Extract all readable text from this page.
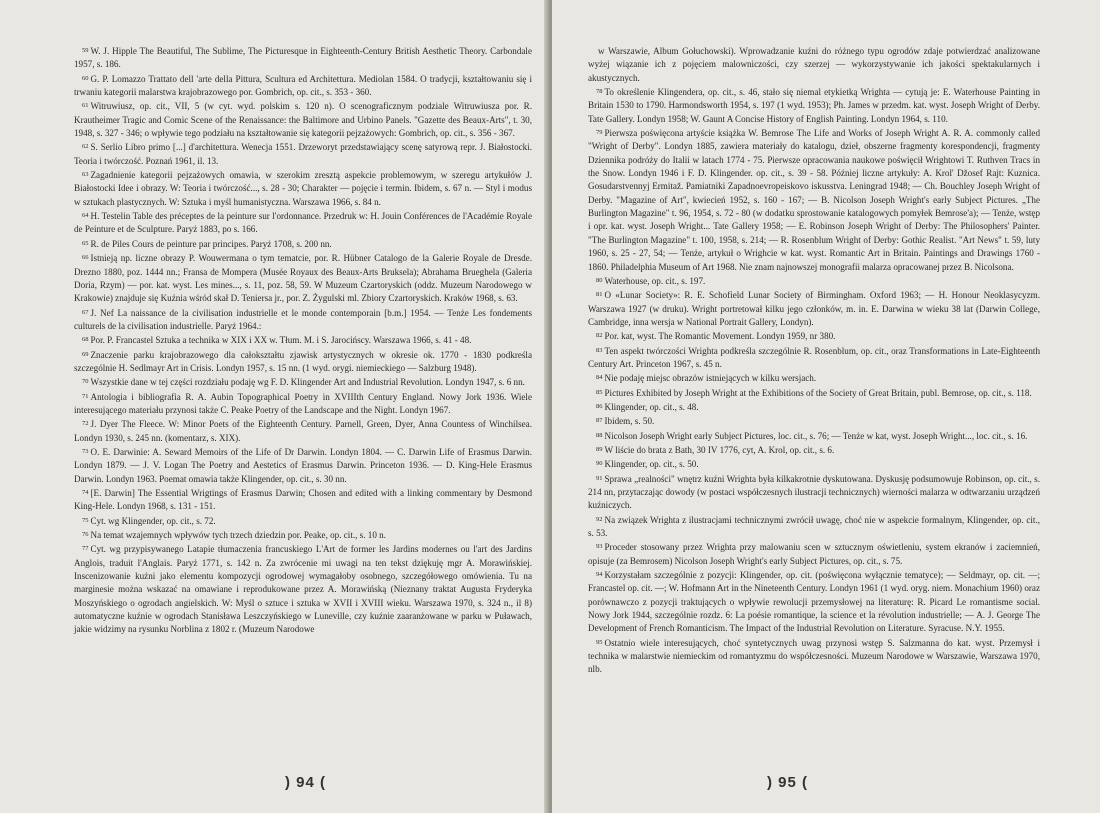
$^{59}$ W. J. Hipple The Beautiful, The Sublime, The Picturesque in Eighteenth-Century British Aesthetic Theory. Carbondale 1957, s. 186.

$^{60}$ G. P. Lomazzo Trattato dell 'arte della Pittura, Scultura ed Architettura. Mediolan 1584. O tradycji, kształtowaniu się i trwaniu kategorii malarstwa krajobrazowego por. Gombrich, op. cit., s. 353 - 360.

$^{61}$ Witruwiusz, op. cit., VII, 5 (w cyt. wyd. polskim s. 120 n). O scenograficznym podziale Witruwiusza por. R. Krautheimer Tragic and Comic Scene of the Renaissance: the Baltimore and Urbino Panels. "Gazette des Beaux-Arts", t. 30, 1948, s. 327 - 346; o wpływie tego podziału na kształtowanie się kategorii pejzażowych: Gombrich, op. cit., s. 356 - 367.

$^{62}$ S. Serlio Libro primo [...] d'architettura. Wenecja 1551. Drzeworyt przedstawiający scenę satyrową repr. J. Białostocki. Teoria i twórczość. Poznań 1961, il. 13.

$^{63}$ Zagadnienie kategorii pejzażowych omawia, w szerokim zresztą aspekcie problemowym, w szeregu artykułów J. Białostocki Idee i obrazy. W: Teoria i twórczość..., s. 28 - 30; Charakter — pojęcie i termin. Ibidem, s. 67 n. — Styl i modus w sztukach plastycznych. W: Sztuka i myśl humanistyczna. Warszawa 1966, s. 84 n.

$^{64}$ H. Testelin Table des préceptes de la peinture sur l'ordonnance. Przedruk w: H. Jouin Conférences de l'Académie Royale de Peinture et de Sculpture. Paryż 1883, po s. 166.

$^{65}$ R. de Piles Cours de peinture par principes. Paryż 1708, s. 200 nn.

$^{66}$ Istnieją np. liczne obrazy P. Wouwermana o tym tematcie, por. R. Hübner Catalogo de la Galerie Royale de Dresde. Drezno 1880, poz. 1444 nn.; Fransa de Mompera (Musée Royaux des Beaux-Arts Bruksela); Abrahama Brueghela (Galeria Doria, Rzym) — por. kat. wyst. Les mines..., s. 11, poz. 58, 59. W Muzeum Czartoryskich (oddz. Muzeum Narodowego w Krakowie) znajduje się Kuźnia wśród skał D. Teniersa jr., por. Z. Żygulski ml. Zbiory Czartoryskich. Kraków 1968, s. 63.

$^{67}$ J. Nef La naissance de la civilisation industrielle et le monde contemporain [b.m.] 1954. — Tenże Les fondements culturels de la civilisation industrielle. Paryż 1964.:

$^{68}$ Por. P. Francastel Sztuka a technika w XIX i XX w. Tłum. M. i S. Jarocińscy. Warszawa 1966, s. 41 - 48.

$^{69}$ Znaczenie parku krajobrazowego dla całokształtu zjawisk artystycznych w okresie ok. 1770 - 1830 podkreśla szczególnie H. Sedlmayr Art in Crisis. Londyn 1957, s. 15 nn. (1 wyd. orygi. niemieckiego — Salzburg 1948).

$^{70}$ Wszystkie dane w tej części rozdziału podaję wg F. D. Klingender Art and Industrial Revolution. Londyn 1947, s. 6 nn.

$^{71}$ Antologia i bibliografia R. A. Aubin Topographical Poetry in XVIIIth Century England. Nowy Jork 1936. Wiele interesującego materiału przynosi także C. Peake Poetry of the Landscape and the Night. Londyn 1967.

$^{72}$ J. Dyer The Fleece. W: Minor Poets of the Eighteenth Century. Parnell, Green, Dyer, Anna Countess of Winchilsea. Londyn 1930, s. 245 nn. (komentarz, s. XIX).

$^{73}$ O. E. Darwinie: A. Seward Memoirs of the Life of Dr Darwin. Londyn 1804. — C. Darwin Life of Erasmus Darwin. Londyn 1879. — J. V. Logan The Poetry and Aestetics of Erasmus Darwin. Princeton 1936. — D. King-Hele Erasmus Darwin. Londyn 1963. Poemat omawia także Klingender, op. cit., s. 30 nn.

$^{74}$ [E. Darwin] The Essential Wrigtings of Erasmus Darwin; Chosen and edited with a linking commentary by Desmond King-Hele. Londyn 1968, s. 131 - 151.

$^{75}$ Cyt. wg Klingender, op. cit., s. 72.

$^{76}$ Na temat wzajemnych wpływów tych trzech dziedzin por. Peake, op. cit., s. 10 n.

$^{77}$ Cyt. wg przypisywanego Latapie tłumaczenia francuskiego L'Art de former les Jardins modernes ou l'art des Jardins Anglois, traduit l'Anglais. Paryż 1771, s. 142 n. Za zwrócenie mi uwagi na ten tekst dziękuję mgr A. Morawińskiej. Inscenizowanie kuźni jako elementu kompozycji ogrodowej wymagałoby osobnego, szczegółowego omówienia. Tu na marginesie można wskazać na omawiane i reprodukowane przez A. Morawińską (Nieznany traktat Augusta Fryderyka Moszyńskiego o ogrodach angielskich. W: Myśl o sztuce i sztuka w XVII i XVIII wieku. Warszawa 1970, s. 324 n., il 8) automatyczne kuźnie w ogrodach Stanisława Leszczyńskiego w Luneville, czy kuźnie zaaranżowane w parku w Puławach, jakie widzimy na rysunku Norblina z 1802 r. (Muzeum Narodowe

) 94 (

w Warszawie, Album Gołuchowski). Wprowadzanie kuźni do różnego typu ogrodów zdaje potwierdzać analizowane wyżej wiązanie ich z pojęciem malowniczości, czy szerzej — wykorzystywanie ich jakości spektakularnych i akustycznych.

$^{78}$ To określenie Klingendera, op. cit., s. 46, stało się niemal etykietką Wrighta — cytują je: E. Waterhouse Painting in Britain 1530 to 1790. Harmondsworth 1954, s. 197 (1 wyd. 1953); Ph. James w przedm. kat. wyst. Joseph Wright of Derby. Tate Gallery. Londyn 1958; W. Gaunt A Concise History of English Painting. Londyn 1964, s. 110.

$^{79}$ Pierwsza poświęcona artyście książka W. Bemrose The Life and Works of Joseph Wright A. R. A. commonly called "Wright of Derby". Londyn 1885, zawiera materiały do katalogu, dzieł, obszerne fragmenty korespondencji, fragmenty Dziennika podróży do Italii w latach 1774 - 75. Pierwsze opracowania naukowe poświęcił Wrightowi T. Ruthven Tracs in the Snow. Londyn 1946 i F. D. Klingender. op. cit., s. 39 - 58. Później liczne artykuły: A. Krol' Džosef Rajt: Kuznica. Gosudarstvennyj Ermitaž. Pamiatniki Zapadnoevropeiskovo iskusstva. Leningrad 1948; — Ch. Bouchley Joseph Wright of Derby. "Magazine of Art", kwiecień 1952, s. 160 - 167; — B. Nicolson Joseph Wright's early Subject Pictures. „The Burlington Magazine" t. 96, 1954, s. 72 - 80 (w dodatku sprostowanie katalogowych pomyłek Bemrose'a); — Tenże, wstęp i opr. kat. wyst. Joseph Wright... Tate Gallery 1958; — E. Robinson Joseph Wright of Derby: The Philosophers' Painter. "The Burlington Magazine" t. 100, 1958, s. 214; — R. Rosenblum Wright of Derby: Gothic Realist. "Art News" t. 59, luty 1960, s. 25 - 27, 54; — Tenże, artykuł o Wrighcie w kat. wyst. Romantic Art in Britain. Paintings and Drawings 1760 - 1860. Philadelphia Museum of Art 1968. Nie znam najnowszej monografii malarza opracowanej przez B. Nicolsona.

$^{80}$ Waterhouse, op. cit., s. 197.

$^{81}$ O «Lunar Society»: R. E. Schofield Lunar Society of Birmingham. Oxford 1963; — H. Honour Neoklasycyzm. Warszawa 1927 (w druku). Wright portretował kilku jego członków, m. in. E. Darwina w wieku 38 lat (Darwin College, Cambridge, inna wersja w National Portrait Gallery, Londyn).

$^{82}$ Por. kat, wyst. The Romantic Movement. Londyn 1959, nr 380.

$^{83}$ Ten aspekt twórczości Wrighta podkreśla szczególnie R. Rosenblum, op. cit., oraz Transformations in Late-Eighteenth Century Art. Princeton 1967, s. 45 n.

$^{84}$ Nie podaję miejsc obrazów istniejących w kilku wersjach.

$^{85}$ Pictures Exhibited by Joseph Wright at the Exhibitions of the Society of Great Britain, publ. Bemrose, op. cit., s. 118.

$^{86}$ Klingender, op. cit., s. 48.

$^{87}$ Ibidem, s. 50.

$^{88}$ Nicolson Joseph Wright early Subject Pictures, loc. cit., s. 76; — Tenże w kat, wyst. Joseph Wright..., loc. cit., s. 16.

$^{89}$ W liście do brata z Bath, 30 IV 1776, cyt, A. Krol, op. cit., s. 6.

$^{90}$ Klingender, op. cit., s. 50.

$^{91}$ Sprawa „realności" wnętrz kuźni Wrighta była kilkakrotnie dyskutowana. Dyskusję podsumowuje Robinson, op. cit., s. 214 nn, przytaczając dowody (w postaci współczesnych ilustracji technicznych) wierności malarza w odtwarzaniu urządzeń kuźniczych.

$^{92}$ Na związek Wrighta z ilustracjami technicznymi zwrócił uwagę, choć nie w aspekcie formalnym, Klingender, op. cit., s. 53.

$^{93}$ Proceder stosowany przez Wrighta przy malowaniu scen w sztucznym oświetleniu, system ekranów i zaciemnień, opisuje (za Bemrosem) Nicolson Joseph Wright's early Subject Pictures, op. cit., s. 75.

$^{94}$ Korzystałam szczególnie z pozycji: Klingender, op. cit. (poświęcona wyłącznie tematyce); — Seldmayr, op. cit. —; Francastel op. cit. —; W. Hofmann Art in the Nineteenth Century. Londyn 1961 (1 wyd. oryg. niem. Monachium 1960) oraz porównawczo z pozycji traktujących o wpływie rewolucji przemysłowej na literaturę: R. Picard Le romantisme social. Nowy Jork 1944, szczególnie rozdz. 6: La poésie romantique, la science et la révolution industrielle; — A. J. George The Development of French Romanticism. The Impact of the Industrial Revolution on Literature. Syracuse. N.Y. 1955.

$^{95}$ Ostatnio wiele interesujących, choć syntetycznych uwag przynosi wstęp S. Salzmanna do kat. wyst. Przemysł i technika w malarstwie niemieckim od romantyzmu do współczesności. Muzeum Narodowe w Warszawie, Warszawa 1970, nlb.

) 95 (
